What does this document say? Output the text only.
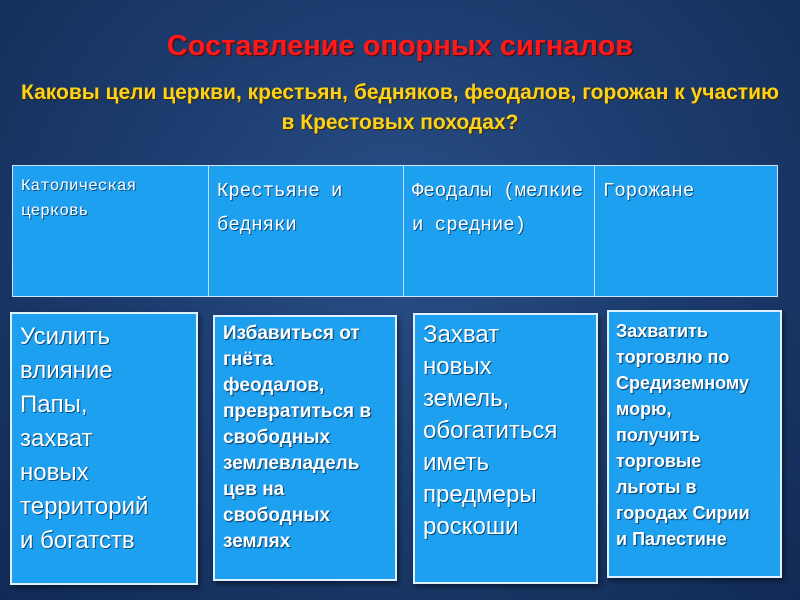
Составление опорных сигналов
Каковы цели церкви, крестьян, бедняков, феодалов, горожан к участию в Крестовых походах?
Католическая церковь
Крестьяне и бедняки
Феодалы (мелкие и средние)
Горожане
Усилить
влияние
Папы,
захват
новых
территорий
и богатств
Избавиться от
гнёта
феодалов,
превратиться в
свободных
землевладель
цев на
свободных
землях
Захват
новых
земель,
обогатиться
иметь
предмеры
роскоши
Захватить
торговлю по
Средиземному
морю,
получить
торговые
льготы в
городах Сирии
и Палестине
